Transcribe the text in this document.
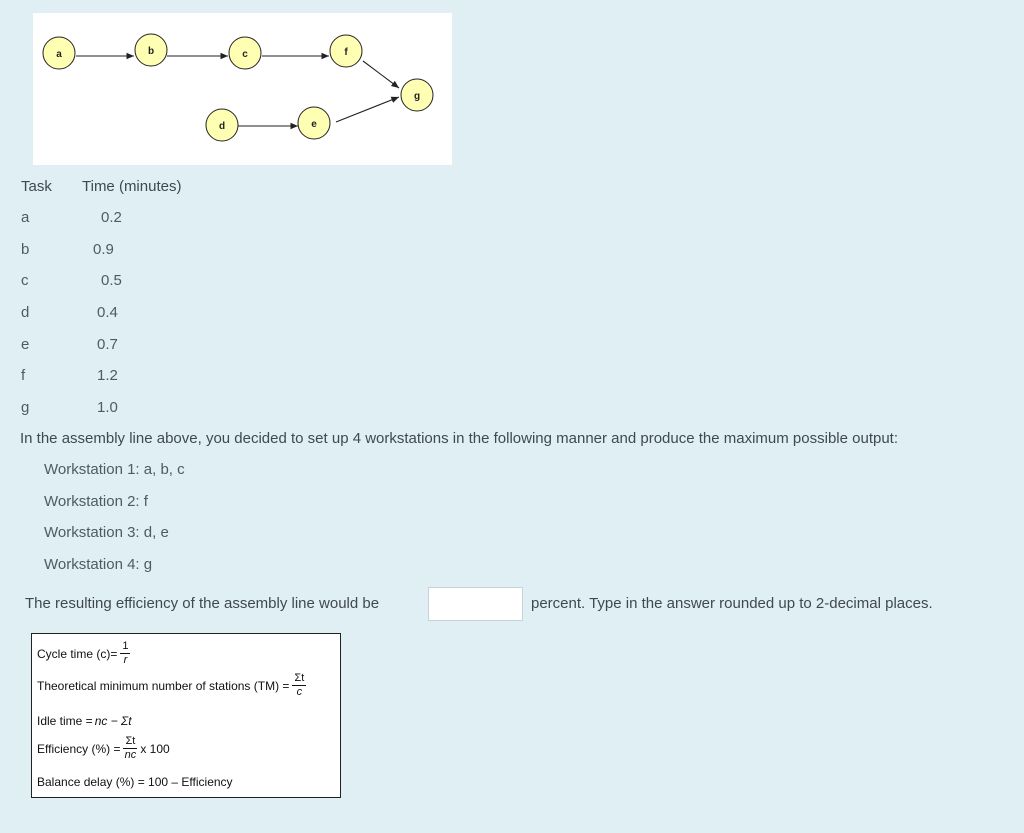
a	b	c	f
g
d	e
Task Time (minutes)
a	0.2
b	0.9
c	0.5
d	0.4
e	0.7
f	1.2
g	1.0
In the assembly line above, you decided to set up 4 workstations in the following manner and produce the maximum possible output:
Workstation 1: a, b, c
Workstation 2: f
Workstation 3: d, e
Workstation 4: g
The resulting efficiency of the assembly line would be	percent. Type in the answer rounded up to 2-decimal places.
Cycle time $(c)= \frac{1}{r}$
Theoretical minimum number of stations $(TM) = \frac{\Sigma t}{c}$
Idle time = nc − Σt
Efficiency (%) = $\frac{\Sigma t}{nc}$ x 100
Balance delay (%) = 100 – Efficiency
